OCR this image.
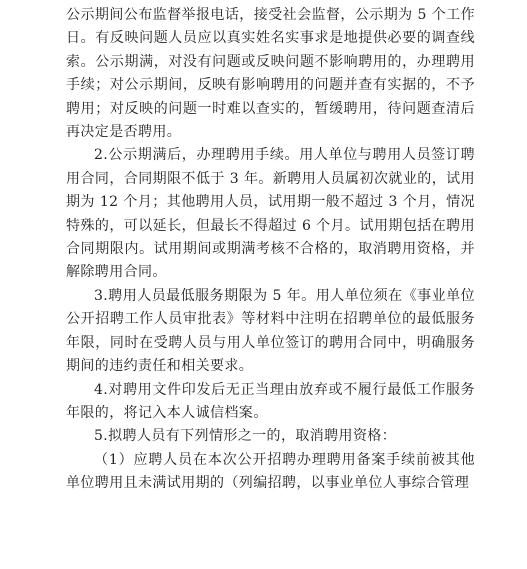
公示期间公布监督举报电话，接受社会监督，公示期为 5 个工作日。有反映问题人员应以真实姓名实事求是地提供必要的调查线索。公示期满，对没有问题或反映问题不影响聘用的，办理聘用手续；对公示期间，反映有影响聘用的问题并查有实据的，不予聘用；对反映的问题一时难以查实的，暂缓聘用，待问题查清后再决定是否聘用。

2.公示期满后，办理聘用手续。用人单位与聘用人员签订聘用合同，合同期限不低于 3 年。新聘用人员属初次就业的，试用期为 12 个月；其他聘用人员，试用期一般不超过 3 个月，情况特殊的，可以延长，但最长不得超过 6 个月。试用期包括在聘用合同期限内。试用期间或期满考核不合格的，取消聘用资格，并解除聘用合同。

3.聘用人员最低服务期限为 5 年。用人单位须在《事业单位公开招聘工作人员审批表》等材料中注明在招聘单位的最低服务年限，同时在受聘人员与用人单位签订的聘用合同中，明确服务期间的违约责任和相关要求。

4.对聘用文件印发后无正当理由放弃或不履行最低工作服务年限的，将记入本人诚信档案。

5.拟聘人员有下列情形之一的，取消聘用资格：

（1）应聘人员在本次公开招聘办理聘用备案手续前被其他单位聘用且未满试用期的（列编招聘，以事业单位人事综合管理
